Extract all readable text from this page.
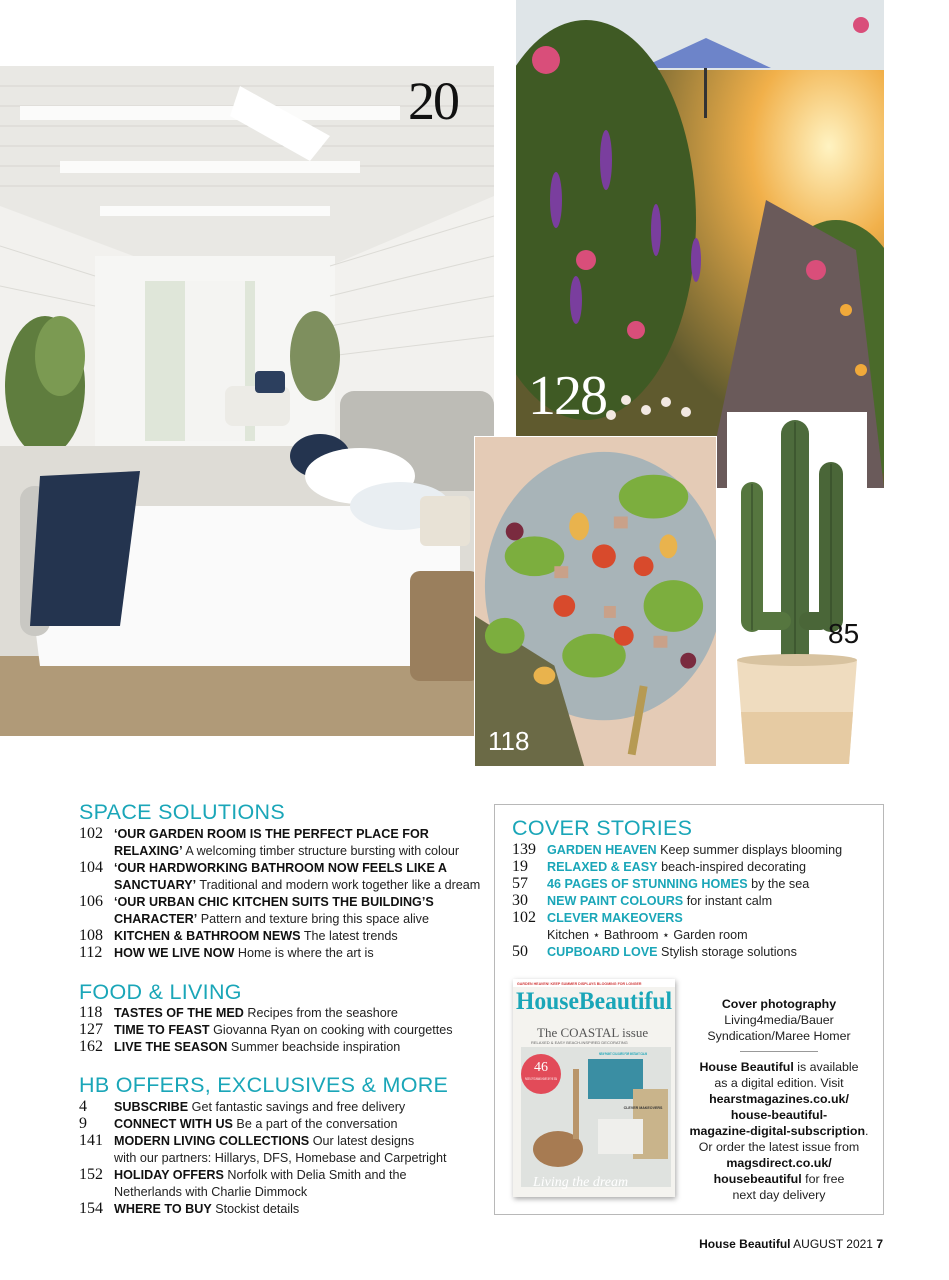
20
128
118
85
SPACE SOLUTIONS
102 ‘OUR GARDEN ROOM IS THE PERFECT PLACE FOR
RELAXING’ A welcoming timber structure bursting with colour
104 ‘OUR HARDWORKING BATHROOM NOW FEELS LIKE A
SANCTUARY’ Traditional and modern work together like a dream
106 ‘OUR URBAN CHIC KITCHEN SUITS THE BUILDING’S
CHARACTER’ Pattern and texture bring this space alive
108 KITCHEN & BATHROOM NEWS The latest trends
112 HOW WE LIVE NOW Home is where the art is
FOOD & LIVING
118 TASTES OF THE MED Recipes from the seashore
127 TIME TO FEAST Giovanna Ryan on cooking with courgettes
162 LIVE THE SEASON Summer beachside inspiration
HB OFFERS, EXCLUSIVES & MORE
4	SUBSCRIBE Get fantastic savings and free delivery
9	CONNECT WITH US Be a part of the conversation
141 MODERN LIVING COLLECTIONS Our latest designs
with our partners: Hillarys, DFS, Homebase and Carpetright
152 HOLIDAY OFFERS Norfolk with Delia Smith and the
Netherlands with Charlie Dimmock
154 WHERE TO BUY Stockist details
COVER STORIES
139 GARDEN HEAVEN Keep summer displays blooming
19	RELAXED & EASY beach-inspired decorating
57	46 PAGES OF STUNNING HOMES by the sea
30	NEW PAINT COLOURS for instant calm
102 CLEVER MAKEOVERS
Kitchen ⋆ Bathroom ⋆ Garden room
50	CUPBOARD LOVE Stylish storage solutions
GARDEN HEAVEN! KEEP SUMMER DISPLAYS BLOOMING FOR LONGER
HouseBeautiful
The COASTAL issue
RELAXED & EASY BEACH-INSPIRED DECORATING
46
PAGES OF STUNNING HOMES BY THE SEA
NEW PAINT COLOURS FOR INSTANT CALM
CLEVER MAKEOVERS
Living the dream
Cover photography
Living4media/Bauer
Syndication/Maree Homer
House Beautiful is available
as a digital edition. Visit
hearstmagazines.co.uk/
house-beautiful-
magazine-digital-subscription.
Or order the latest issue from
magsdirect.co.uk/
housebeautiful for free
next day delivery
House Beautiful AUGUST 2021 7
